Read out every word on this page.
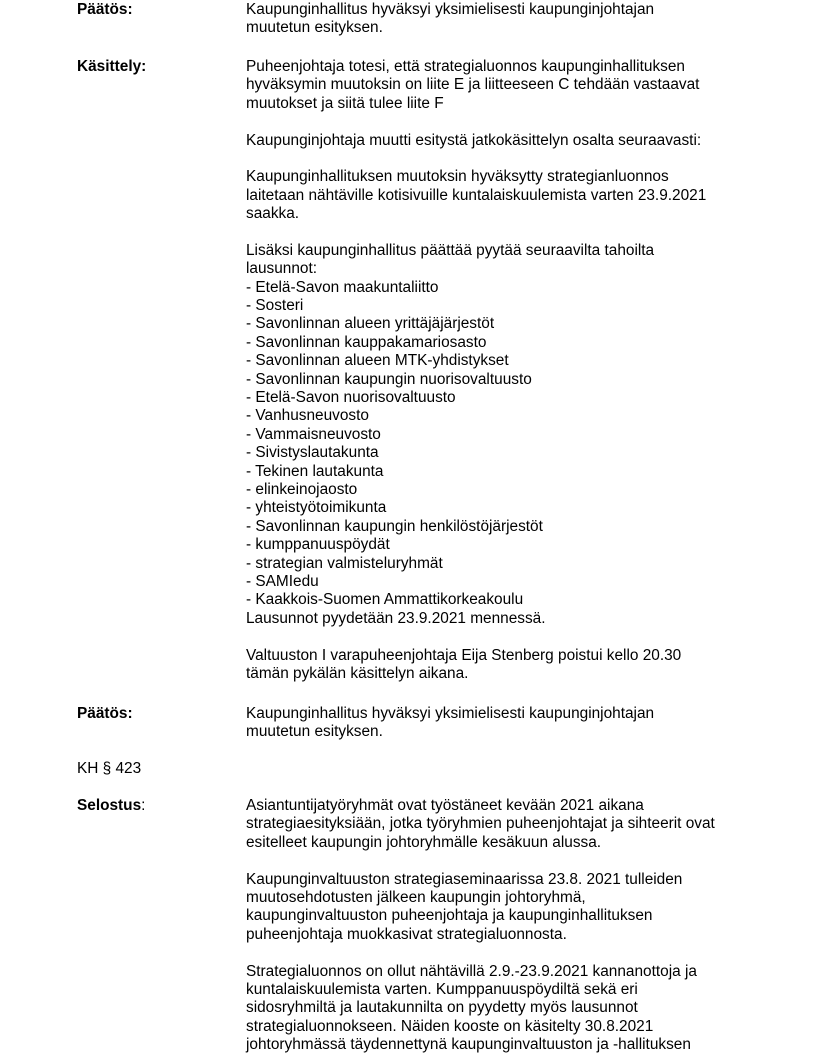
Päätös:	Kaupunginhallitus hyväksyi yksimielisesti kaupunginjohtajan
muutetun esityksen.
Käsittely:	Puheenjohtaja totesi, että strategialuonnos kaupunginhallituksen
hyväksymin muutoksin on liite E ja liitteeseen C tehdään vastaavat
muutokset ja siitä tulee liite F
Kaupunginjohtaja muutti esitystä jatkokäsittelyn osalta seuraavasti:
Kaupunginhallituksen muutoksin hyväksytty strategianluonnos
laitetaan nähtäville kotisivuille kuntalaiskuulemista varten 23.9.2021
saakka.
Lisäksi kaupunginhallitus päättää pyytää seuraavilta tahoilta
lausunnot:
- Etelä-Savon maakuntaliitto
- Sosteri
- Savonlinnan alueen yrittäjäjärjestöt
- Savonlinnan kauppakamariosasto
- Savonlinnan alueen MTK-yhdistykset
- Savonlinnan kaupungin nuorisovaltuusto
- Etelä-Savon nuorisovaltuusto
- Vanhusneuvosto
- Vammaisneuvosto
- Sivistyslautakunta
- Tekinen lautakunta
- elinkeinojaosto
- yhteistyötoimikunta
- Savonlinnan kaupungin henkilöstöjärjestöt
- kumppanuuspöydät
- strategian valmisteluryhmät
- SAMIedu
- Kaakkois-Suomen Ammattikorkeakoulu
Lausunnot pyydetään 23.9.2021 mennessä.
Valtuuston I varapuheenjohtaja Eija Stenberg poistui kello 20.30
tämän pykälän käsittelyn aikana.
Päätös:	Kaupunginhallitus hyväksyi yksimielisesti kaupunginjohtajan
muutetun esityksen.
KH § 423
Selostus:	Asiantuntijatyöryhmät ovat työstäneet kevään 2021 aikana
strategiaesityksiään, jotka työryhmien puheenjohtajat ja sihteerit ovat
esitelleet kaupungin johtoryhmälle kesäkuun alussa.
Kaupunginvaltuuston strategiaseminaarissa 23.8. 2021 tulleiden
muutosehdotusten jälkeen kaupungin johtoryhmä,
kaupunginvaltuuston puheenjohtaja ja kaupunginhallituksen
puheenjohtaja muokkasivat strategialuonnosta.
Strategialuonnos on ollut nähtävillä 2.9.-23.9.2021 kannanottoja ja
kuntalaiskuulemista varten. Kumppanuuspöydiltä sekä eri
sidosryhmiltä ja lautakunnilta on pyydetty myös lausunnot
strategialuonnokseen. Näiden kooste on käsitelty 30.8.2021
johtoryhmässä täydennettynä kaupunginvaltuuston ja -hallituksen
